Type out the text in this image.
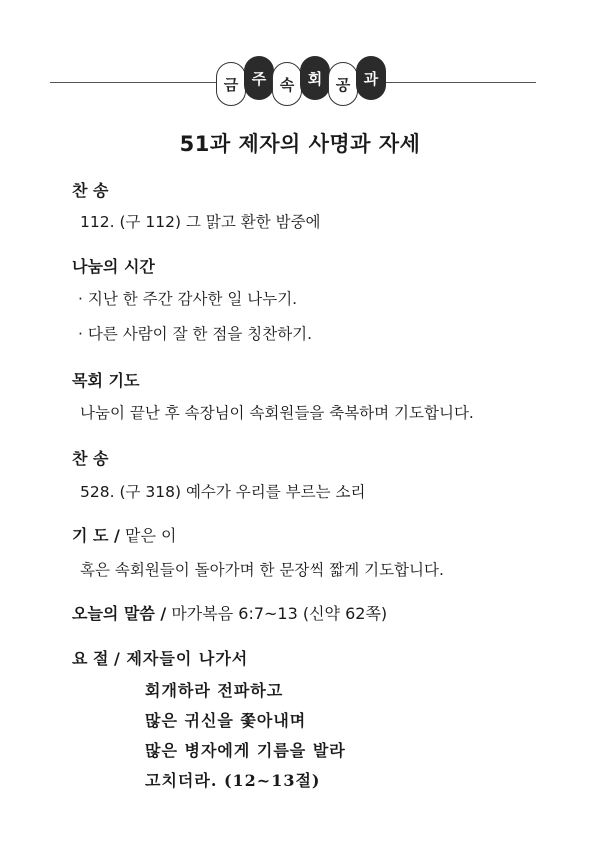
금 주 속 회 공 과
51과 제자의 사명과 자세
찬 송
112. (구 112) 그 맑고 환한 밤중에
나눔의 시간
· 지난 한 주간 감사한 일 나누기.
· 다른 사람이 잘 한 점을 칭찬하기.
목회 기도
나눔이 끝난 후 속장님이 속회원들을 축복하며 기도합니다.
찬 송
528. (구 318) 예수가 우리를 부르는 소리
기 도 / 맡은 이
혹은 속회원들이 돌아가며 한 문장씩 짧게 기도합니다.
오늘의 말씀 / 마가복음 6:7~13 (신약 62쪽)
요 절 / 제자들이 나가서
회개하라 전파하고
많은 귀신을 쫓아내며
많은 병자에게 기름을 발라
고치더라. (12~13절)
